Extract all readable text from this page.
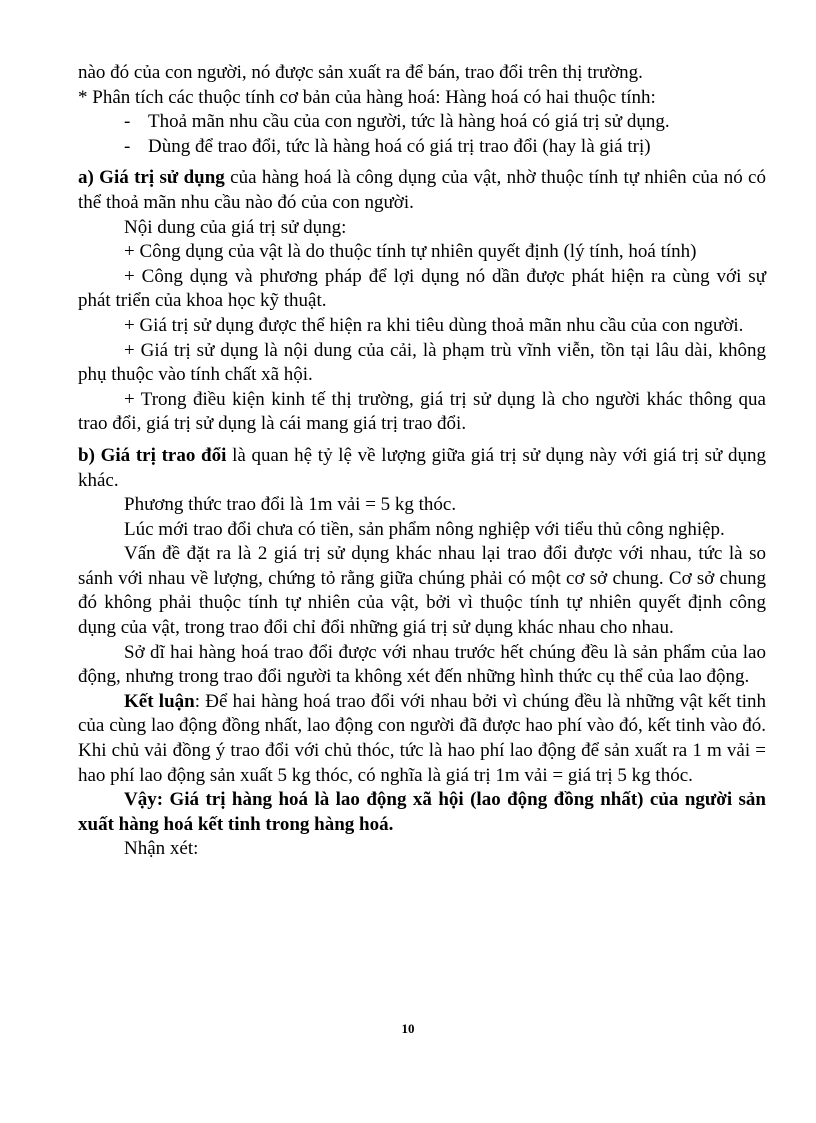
nào đó của con người, nó được sản xuất ra để bán, trao đổi trên thị trường.

* Phân tích các thuộc tính cơ bản của hàng hoá: Hàng hoá có hai thuộc tính:

- Thoả mãn nhu cầu của con người, tức là hàng hoá có giá trị sử dụng.

- Dùng để trao đổi, tức là hàng hoá có giá trị trao đổi (hay là giá trị)

a) Giá trị sử dụng của hàng hoá là công dụng của vật, nhờ thuộc tính tự nhiên của nó có thể thoả mãn nhu cầu nào đó của con người.

Nội dung của giá trị sử dụng:

+ Công dụng của vật là do thuộc tính tự nhiên quyết định (lý tính, hoá tính)

+ Công dụng và phương pháp để lợi dụng nó dần được phát hiện ra cùng với sự phát triển của khoa học kỹ thuật.

+ Giá trị sử dụng được thể hiện ra khi tiêu dùng thoả mãn nhu cầu của con người.

+ Giá trị sử dụng là nội dung của cải, là phạm trù vĩnh viễn, tồn tại lâu dài, không phụ thuộc vào tính chất xã hội.

+ Trong điều kiện kinh tế thị trường, giá trị sử dụng là cho người khác thông qua trao đổi, giá trị sử dụng là cái mang giá trị trao đổi.

b) Giá trị trao đổi là quan hệ tỷ lệ về lượng giữa giá trị sử dụng này với giá trị sử dụng khác.

Phương thức trao đổi là 1m vải = 5 kg thóc.

Lúc mới trao đổi chưa có tiền, sản phẩm nông nghiệp với tiểu thủ công nghiệp.

Vấn đề đặt ra là 2 giá trị sử dụng khác nhau lại trao đổi được với nhau, tức là so sánh với nhau về lượng, chứng tỏ rằng giữa chúng phải có một cơ sở chung. Cơ sở chung đó không phải thuộc tính tự nhiên của vật, bởi vì thuộc tính tự nhiên quyết định công dụng của vật, trong trao đổi chỉ đổi những giá trị sử dụng khác nhau cho nhau.

Sở dĩ hai hàng hoá trao đổi được với nhau trước hết chúng đều là sản phẩm của lao động, nhưng trong trao đổi người ta không xét đến những hình thức cụ thể của lao động.

Kết luận: Để hai hàng hoá trao đổi với nhau bởi vì chúng đều là những vật kết tinh của cùng lao động đồng nhất, lao động con người đã được hao phí vào đó, kết tinh vào đó. Khi chủ vải đồng ý trao đổi với chủ thóc, tức là hao phí lao động để sản xuất ra 1 m vải = hao phí lao động sản xuất 5 kg thóc, có nghĩa là giá trị 1m vải = giá trị 5 kg thóc.

Vậy: Giá trị hàng hoá là lao động xã hội (lao động đồng nhất) của người sản xuất hàng hoá kết tinh trong hàng hoá.

Nhận xét:

10
